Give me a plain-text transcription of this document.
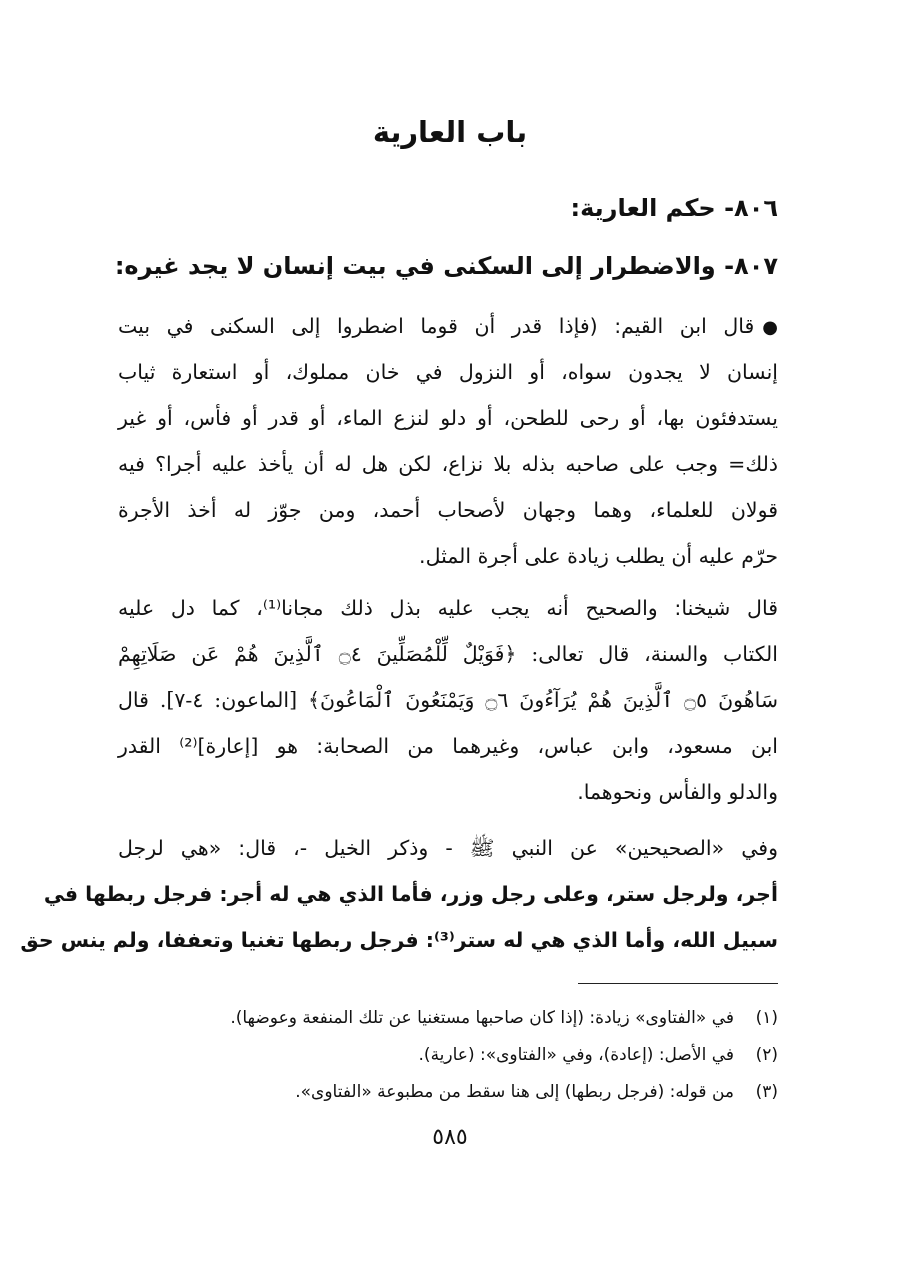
باب العارية
٨٠٦- حكم العارية:
٨٠٧- والاضطرار إلى السكنى في بيت إنسان لا يجد غيره:
●قال ابن القيم: (فإذا قدر أن قوما اضطروا إلى السكنى في بيت
إنسان لا يجدون سواه، أو النزول في خان مملوك، أو استعارة ثياب
يستدفئون بها، أو رحى للطحن، أو دلو لنزع الماء، أو قدر أو فأس، أو غير
ذلك= وجب على صاحبه بذله بلا نزاع، لكن هل له أن يأخذ عليه أجرا؟ فيه
قولان للعلماء، وهما وجهان لأصحاب أحمد، ومن جوّز له أخذ الأجرة
حرّم عليه أن يطلب زيادة على أجرة المثل.
قال شيخنا: والصحيح أنه يجب عليه بذل ذلك مجانا⁽¹⁾، كما دل عليه
الكتاب والسنة، قال تعالى: ﴿فَوَيْلٌ لِّلْمُصَلِّينَ ۝٤ ٱلَّذِينَ هُمْ عَن صَلَاتِهِمْ
سَاهُونَ ۝٥ ٱلَّذِينَ هُمْ يُرَآءُونَ ۝٦ وَيَمْنَعُونَ ٱلْمَاعُونَ﴾ [الماعون: ٤-٧]. قال
ابن مسعود، وابن عباس، وغيرهما من الصحابة: هو [إعارة]⁽²⁾ القدر
والدلو والفأس ونحوهما.
وفي «الصحيحين» عن النبي ﷺ - وذكر الخيل -، قال: «هي لرجل
أجر، ولرجل ستر، وعلى رجل وزر، فأما الذي هي له أجر: فرجل ربطها في
سبيل الله، وأما الذي هي له ستر⁽³⁾: فرجل ربطها تغنيا وتعففا، ولم ينس حق
(١)في «الفتاوى» زيادة: (إذا كان صاحبها مستغنيا عن تلك المنفعة وعوضها).
(٢)في الأصل: (إعادة)، وفي «الفتاوى»: (عارية).
(٣)من قوله: (فرجل ربطها) إلى هنا سقط من مطبوعة «الفتاوى».
٥٨٥
